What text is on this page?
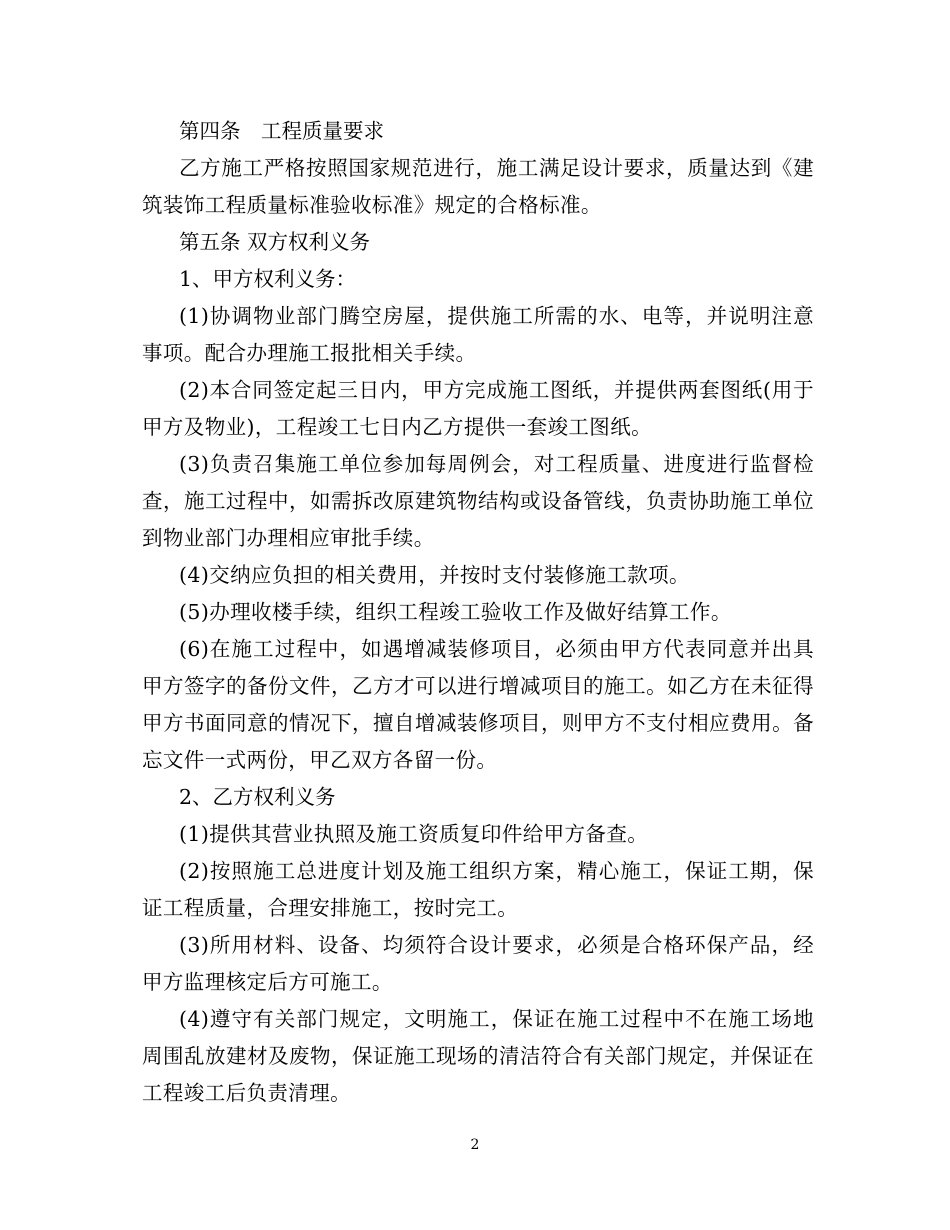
第四条　工程质量要求

乙方施工严格按照国家规范进行，施工满足设计要求，质量达到《建筑装饰工程质量标准验收标准》规定的合格标准。

第五条 双方权利义务

1、甲方权利义务：

(1)协调物业部门腾空房屋，提供施工所需的水、电等，并说明注意事项。配合办理施工报批相关手续。

(2)本合同签定起三日内，甲方完成施工图纸，并提供两套图纸(用于甲方及物业)，工程竣工七日内乙方提供一套竣工图纸。

(3)负责召集施工单位参加每周例会，对工程质量、进度进行监督检查，施工过程中，如需拆改原建筑物结构或设备管线，负责协助施工单位到物业部门办理相应审批手续。

(4)交纳应负担的相关费用，并按时支付装修施工款项。

(5)办理收楼手续，组织工程竣工验收工作及做好结算工作。

(6)在施工过程中，如遇增减装修项目，必须由甲方代表同意并出具甲方签字的备份文件，乙方才可以进行增减项目的施工。如乙方在未征得甲方书面同意的情况下，擅自增减装修项目，则甲方不支付相应费用。备忘文件一式两份，甲乙双方各留一份。

2、乙方权利义务

(1)提供其营业执照及施工资质复印件给甲方备查。

(2)按照施工总进度计划及施工组织方案，精心施工，保证工期，保证工程质量，合理安排施工，按时完工。

(3)所用材料、设备、均须符合设计要求，必须是合格环保产品，经甲方监理核定后方可施工。

(4)遵守有关部门规定，文明施工，保证在施工过程中不在施工场地周围乱放建材及废物，保证施工现场的清洁符合有关部门规定，并保证在工程竣工后负责清理。

2
